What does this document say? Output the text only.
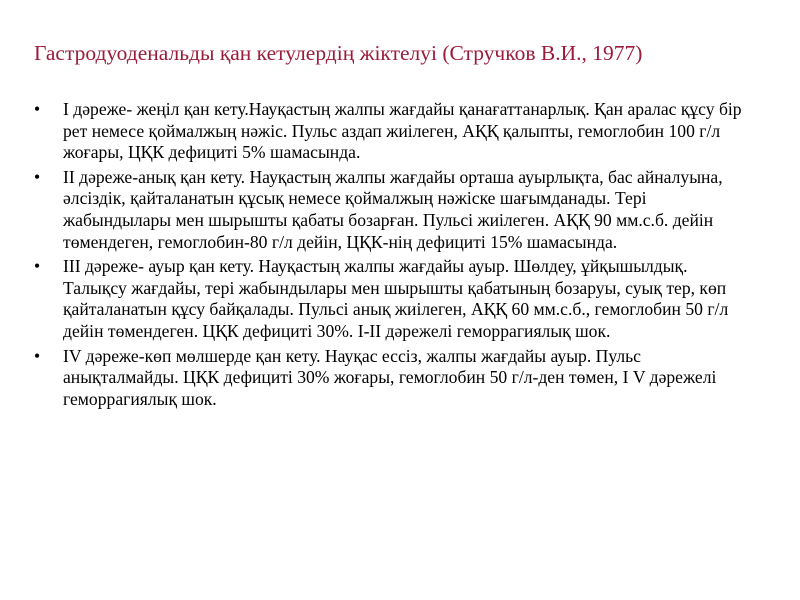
Гастродуоденальды қан кетулердің жіктелуі (Стручков В.И., 1977)
•	І дәреже- жеңіл қан кету.Науқастың жалпы жағдайы қанағаттанарлық. Қан аралас құсу бір рет немесе қоймалжың нәжіс. Пульс аздап жиілеген, АҚҚ қалыпты, гемоглобин 100 г/л жоғары, ЦҚК дефициті 5% шамасында.
•	ІІ дәреже-анық қан кету. Науқастың жалпы жағдайы орташа ауырлықта, бас айналуына, әлсіздік, қайталанатын құсық немесе қоймалжың нәжіске шағымданады. Тері жабындылары мен шырышты қабаты бозарған. Пульсі жиілеген. АҚҚ 90 мм.с.б. дейін төмендеген, гемоглобин-80 г/л дейін, ЦҚК-нің дефициті 15% шамасында.
•	ІІІ дәреже- ауыр қан кету. Науқастың жалпы жағдайы ауыр. Шөлдеу, ұйқышылдық. Талықсу жағдайы, тері жабындылары мен шырышты қабатының бозаруы, суық тер, көп қайталанатын құсу байқалады. Пульсі анық жиілеген, АҚҚ 60 мм.с.б., гемоглобин 50 г/л дейін төмендеген. ЦҚК дефициті 30%. І-ІІ дәрежелі геморрагиялық шок.
•	ІV дәреже-көп мөлшерде қан кету. Науқас ессіз, жалпы жағдайы ауыр. Пульс анықталмайды. ЦҚК дефициті 30% жоғары, гемоглобин 50 г/л-ден төмен, І V дәрежелі геморрагиялық шок.
